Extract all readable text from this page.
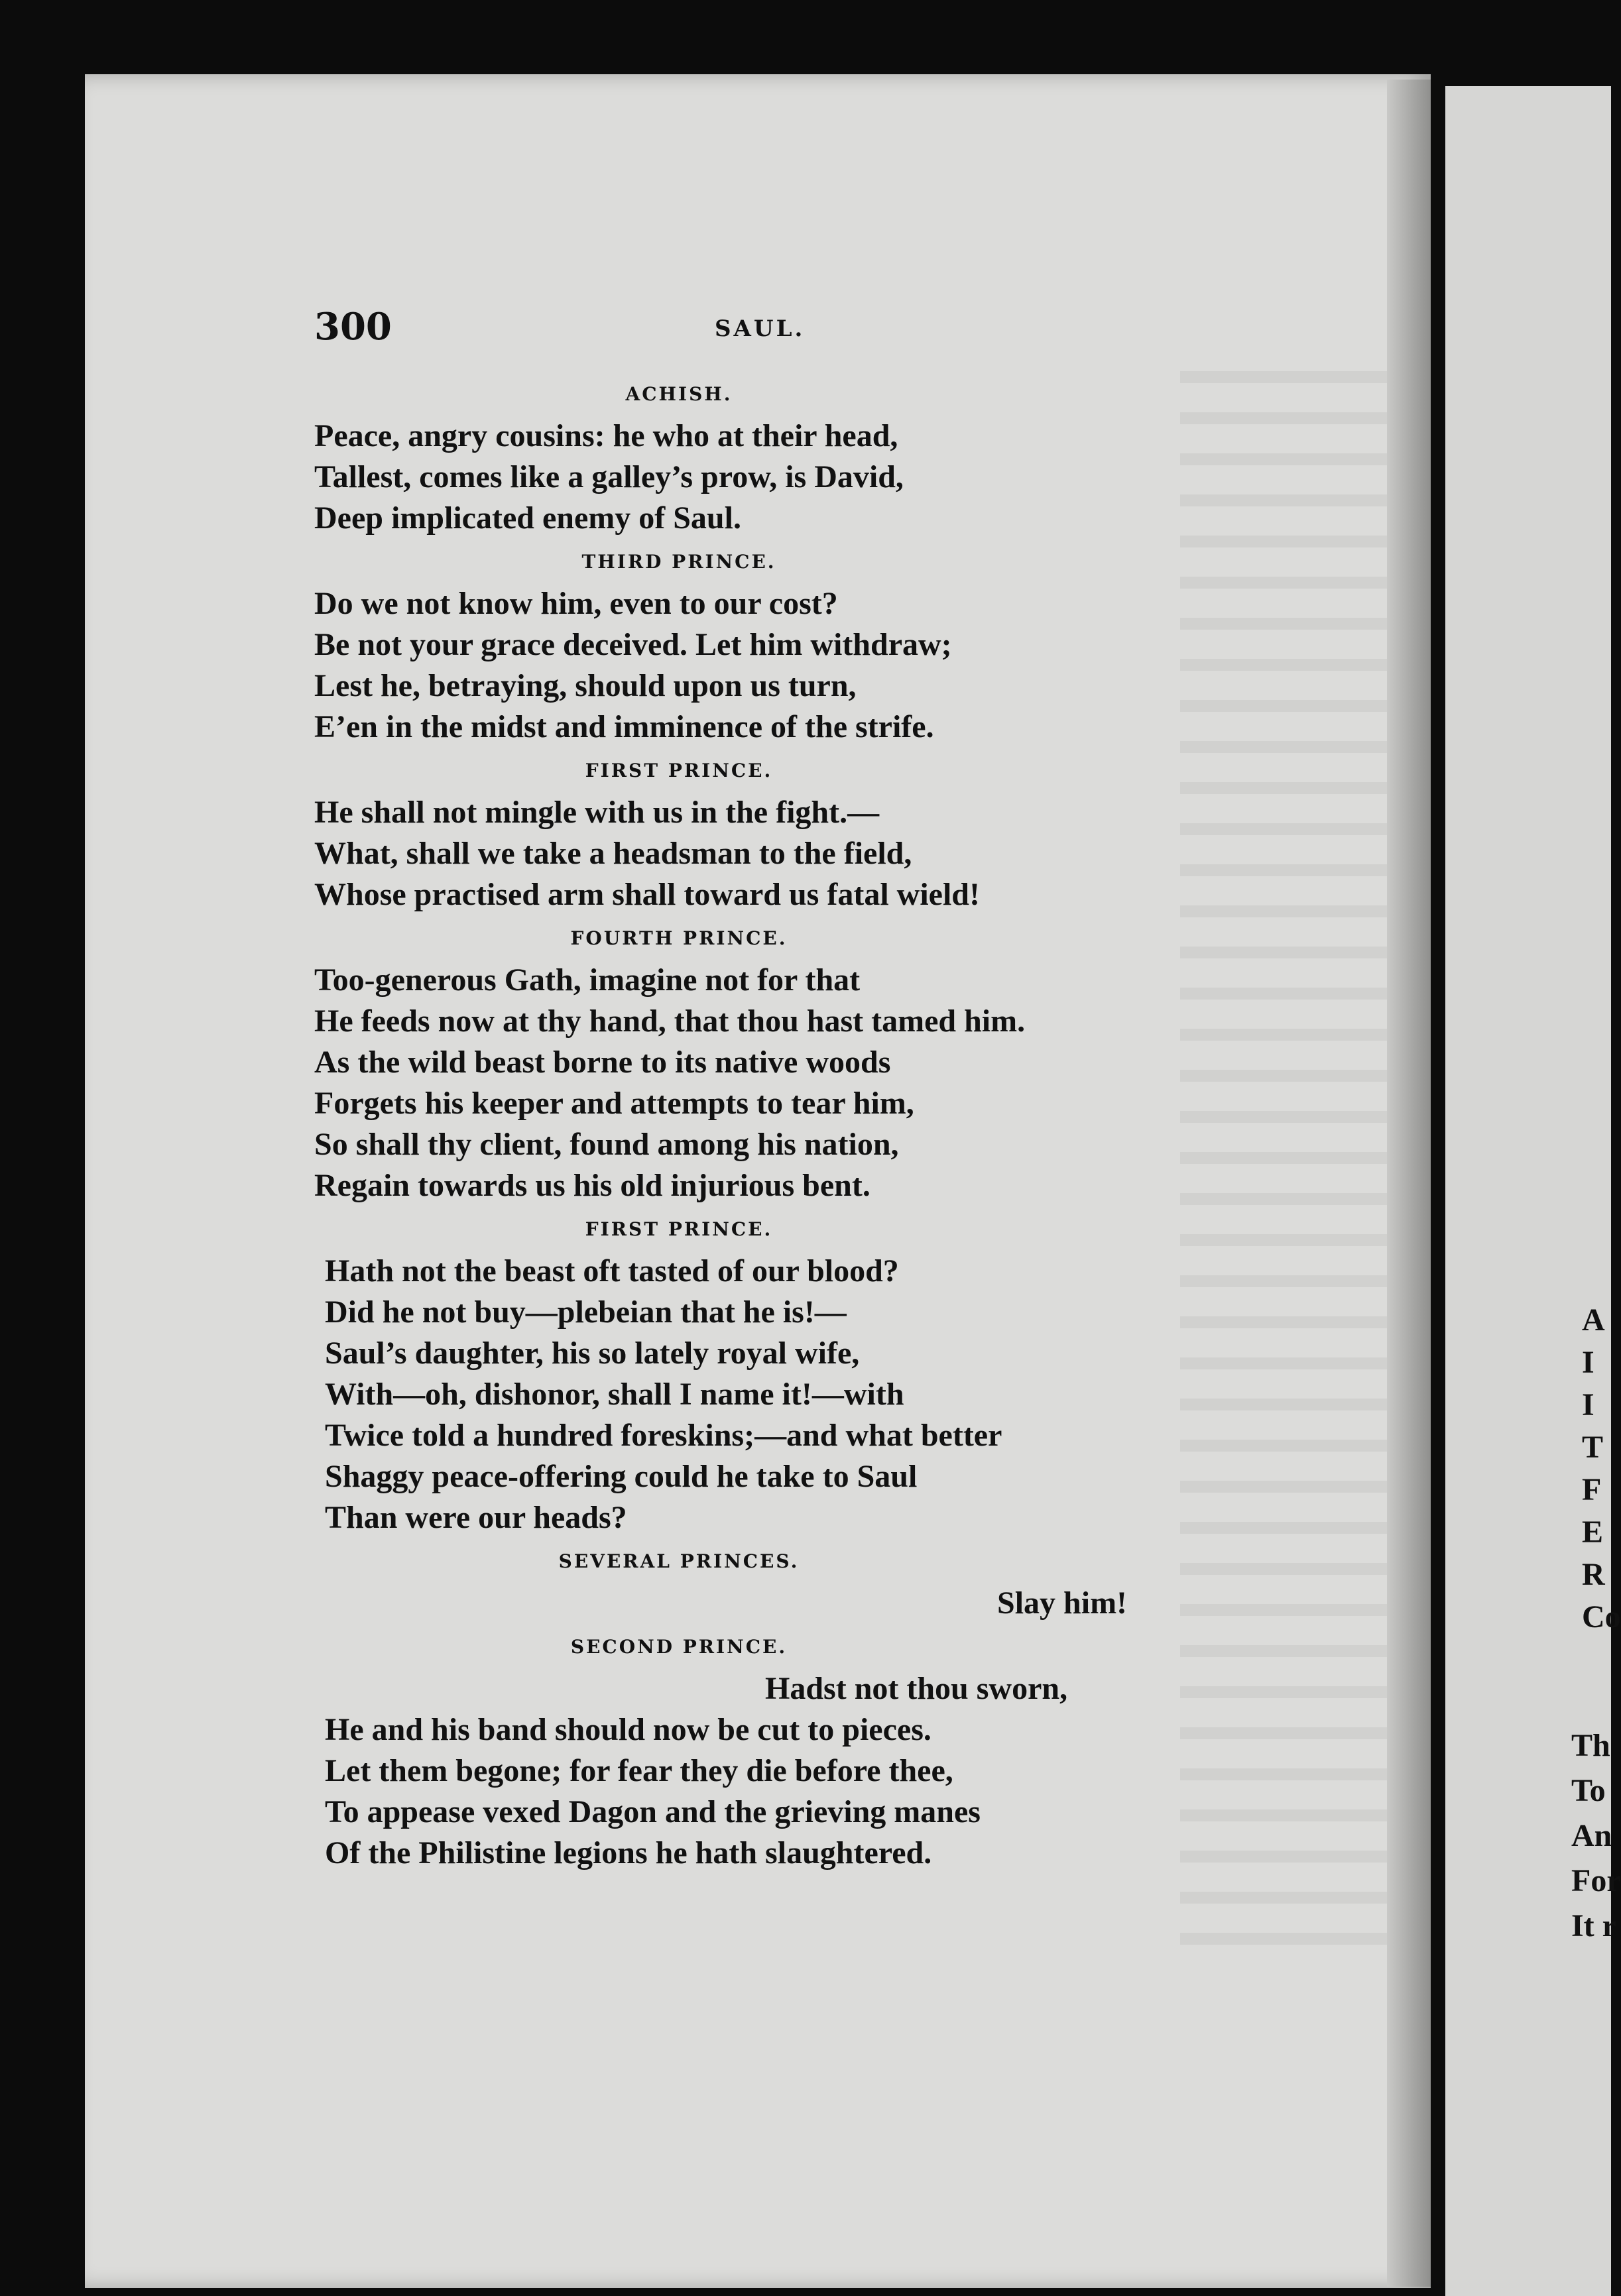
300	SAUL.
ACHISH.
Peace, angry cousins: he who at their head,
Tallest, comes like a galley’s prow, is David,
Deep implicated enemy of Saul.
THIRD PRINCE.
Do we not know him, even to our cost?
Be not your grace deceived. Let him withdraw;
Lest he, betraying, should upon us turn,
E’en in the midst and imminence of the strife.
FIRST PRINCE.
He shall not mingle with us in the fight.—
What, shall we take a headsman to the field,
Whose practised arm shall toward us fatal wield!
FOURTH PRINCE.
Too-generous Gath, imagine not for that
He feeds now at thy hand, that thou hast tamed him.
As the wild beast borne to its native woods
Forgets his keeper and attempts to tear him,
So shall thy client, found among his nation,
Regain towards us his old injurious bent.
FIRST PRINCE.
Hath not the beast oft tasted of our blood?
Did he not buy—plebeian that he is!—
Saul’s daughter, his so lately royal wife,
With—oh, dishonor, shall I name it!—with
Twice told a hundred foreskins;—and what better
Shaggy peace-offering could he take to Saul
Than were our heads?
SEVERAL PRINCES.
Slay him!
SECOND PRINCE.
Hadst not thou sworn,
He and his band should now be cut to pieces.
Let them begone; for fear they die before thee,
To appease vexed Dagon and the grieving manes
Of the Philistine legions he hath slaughtered.
A
I
I
T
F
E
R
Co
Th
To
An
For
It r
